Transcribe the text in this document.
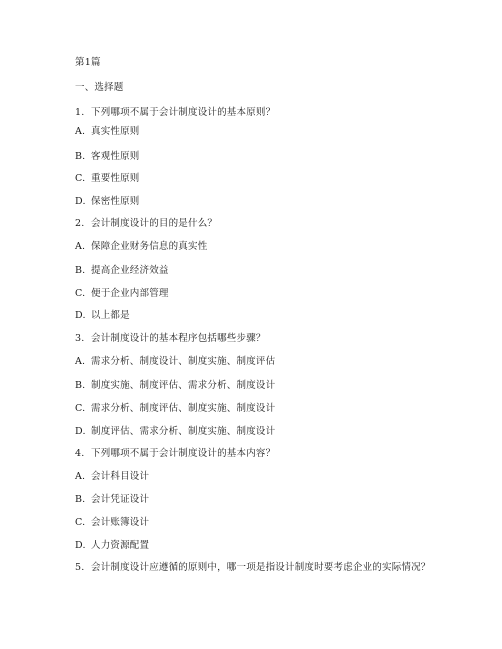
第1篇
一、选择题
1. 下列哪项不属于会计制度设计的基本原则？
A. 真实性原则
B. 客观性原则
C. 重要性原则
D. 保密性原则
2. 会计制度设计的目的是什么？
A. 保障企业财务信息的真实性
B. 提高企业经济效益
C. 便于企业内部管理
D. 以上都是
3. 会计制度设计的基本程序包括哪些步骤？
A. 需求分析、制度设计、制度实施、制度评估
B. 制度实施、制度评估、需求分析、制度设计
C. 需求分析、制度评估、制度实施、制度设计
D. 制度评估、需求分析、制度实施、制度设计
4. 下列哪项不属于会计制度设计的基本内容？
A. 会计科目设计
B. 会计凭证设计
C. 会计账簿设计
D. 人力资源配置
5. 会计制度设计应遵循的原则中，哪一项是指设计制度时要考虑企业的实际情况？
